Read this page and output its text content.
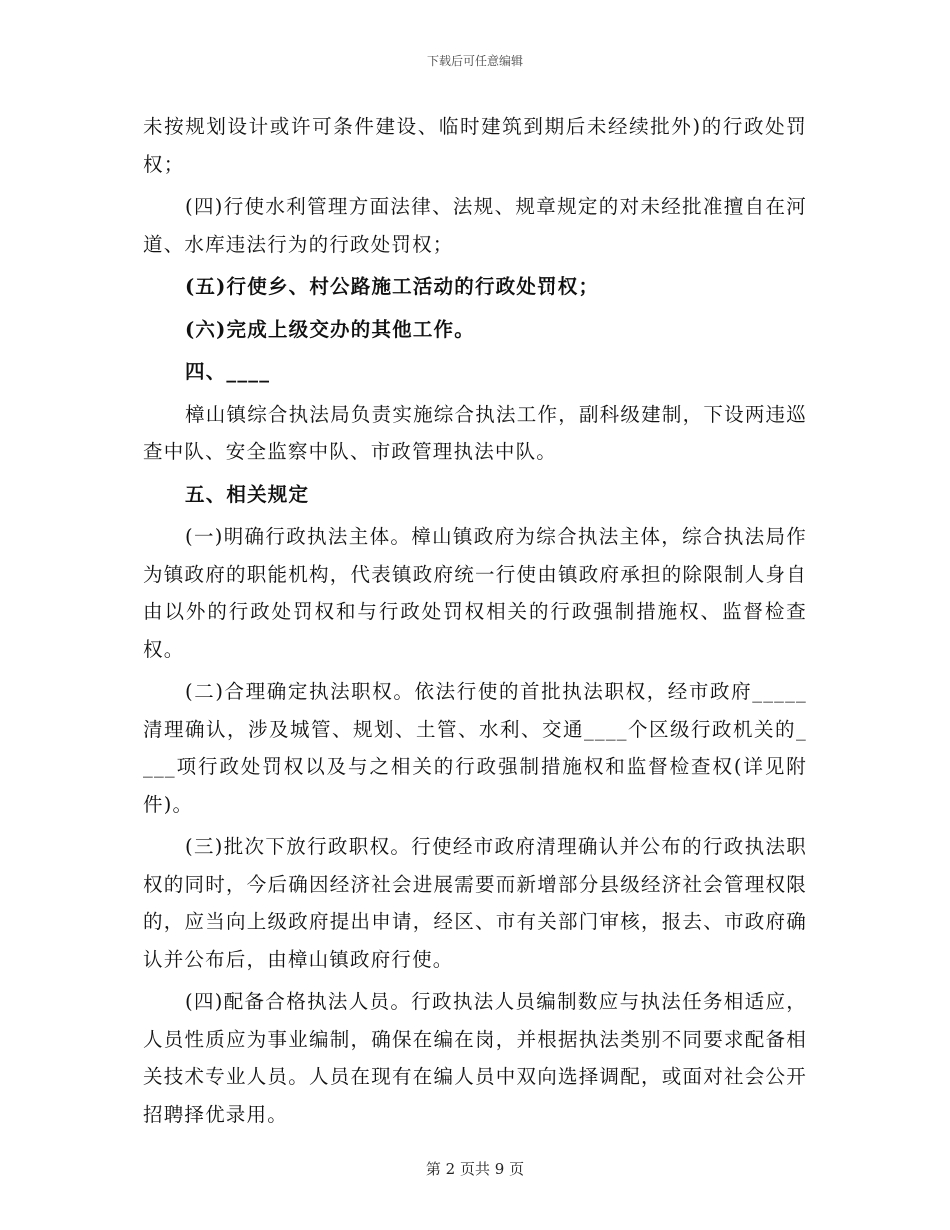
下载后可任意编辑

未按规划设计或许可条件建设、临时建筑到期后未经续批外)的行政处罚权；

(四)行使水利管理方面法律、法规、规章规定的对未经批准擅自在河道、水库违法行为的行政处罚权；

(五)行使乡、村公路施工活动的行政处罚权；

(六)完成上级交办的其他工作。

四、____

樟山镇综合执法局负责实施综合执法工作，副科级建制，下设两违巡查中队、安全监察中队、市政管理执法中队。

五、相关规定

(一)明确行政执法主体。樟山镇政府为综合执法主体，综合执法局作为镇政府的职能机构，代表镇政府统一行使由镇政府承担的除限制人身自由以外的行政处罚权和与行政处罚权相关的行政强制措施权、监督检查权。

(二)合理确定执法职权。依法行使的首批执法职权，经市政府_____清理确认，涉及城管、规划、土管、水利、交通____个区级行政机关的____项行政处罚权以及与之相关的行政强制措施权和监督检查权(详见附件)。

(三)批次下放行政职权。行使经市政府清理确认并公布的行政执法职权的同时，今后确因经济社会进展需要而新增部分县级经济社会管理权限的，应当向上级政府提出申请，经区、市有关部门审核，报去、市政府确认并公布后，由樟山镇政府行使。

(四)配备合格执法人员。行政执法人员编制数应与执法任务相适应，人员性质应为事业编制，确保在编在岗，并根据执法类别不同要求配备相关技术专业人员。人员在现有在编人员中双向选择调配，或面对社会公开招聘择优录用。

第 2 页共 9 页
